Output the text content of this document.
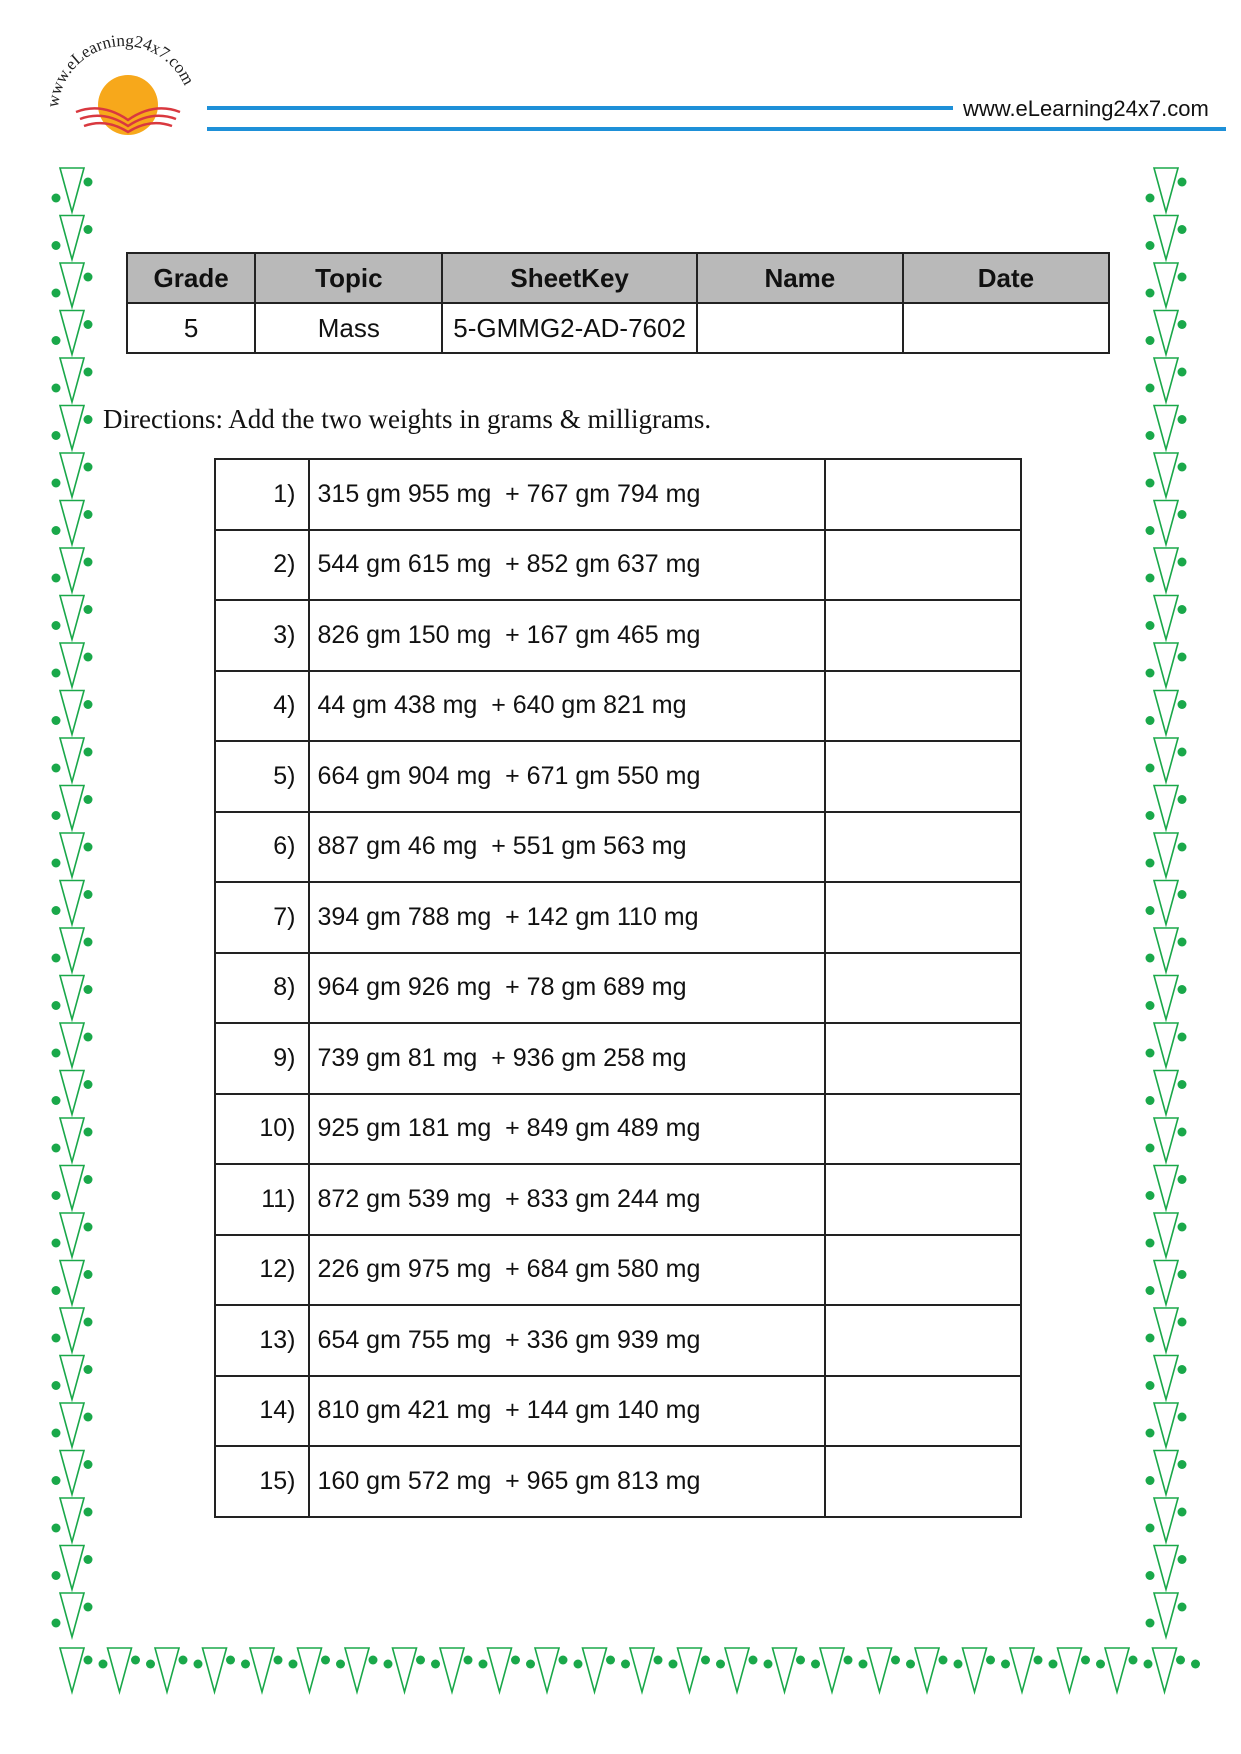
www.eLearning24x7.com
www.eLearning24x7.com
Grade	Topic	SheetKey	Name	Date
5	Mass	5-GMMG2-AD-7602		
Directions: Add the two weights in grams & milligrams.
1)	315 gm 955 mg  + 767 gm 794 mg	
2)	544 gm 615 mg  + 852 gm 637 mg	
3)	826 gm 150 mg  + 167 gm 465 mg	
4)	44 gm 438 mg  + 640 gm 821 mg	
5)	664 gm 904 mg  + 671 gm 550 mg	
6)	887 gm 46 mg  + 551 gm 563 mg	
7)	394 gm 788 mg  + 142 gm 110 mg	
8)	964 gm 926 mg  + 78 gm 689 mg	
9)	739 gm 81 mg  + 936 gm 258 mg	
10)	925 gm 181 mg  + 849 gm 489 mg	
11)	872 gm 539 mg  + 833 gm 244 mg	
12)	226 gm 975 mg  + 684 gm 580 mg	
13)	654 gm 755 mg  + 336 gm 939 mg	
14)	810 gm 421 mg  + 144 gm 140 mg	
15)	160 gm 572 mg  + 965 gm 813 mg	
